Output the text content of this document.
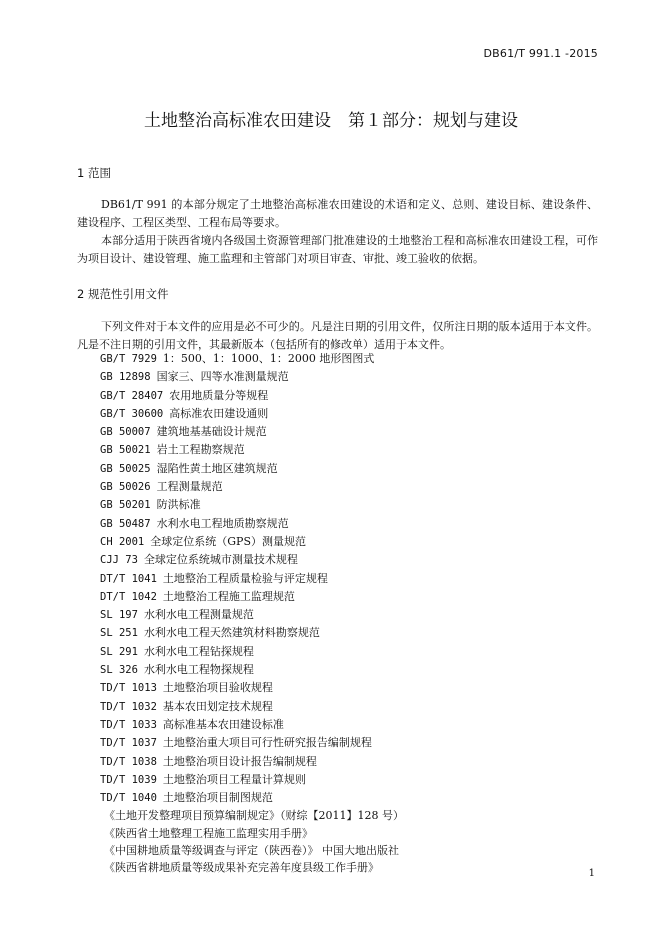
DB61/T 991.1 -2015
土地整治高标准农田建设　第１部分：规划与建设
1 范围
DB61/T 991 的本部分规定了土地整治高标准农田建设的术语和定义、总则、建设目标、建设条件、建设程序、工程区类型、工程布局等要求。
本部分适用于陕西省境内各级国土资源管理部门批准建设的土地整治工程和高标准农田建设工程，可作为项目设计、建设管理、施工监理和主管部门对项目审查、审批、竣工验收的依据。
2 规范性引用文件
下列文件对于本文件的应用是必不可少的。凡是注日期的引用文件，仅所注日期的版本适用于本文件。凡是不注日期的引用文件，其最新版本（包括所有的修改单）适用于本文件。
GB/T 7929 1：500、1：1000、1：2000 地形图图式
GB 12898 国家三、四等水准测量规范
GB/T 28407 农用地质量分等规程
GB/T 30600 高标准农田建设通则
GB 50007 建筑地基基础设计规范
GB 50021 岩土工程勘察规范
GB 50025 湿陷性黄土地区建筑规范
GB 50026 工程测量规范
GB 50201 防洪标准
GB 50487 水利水电工程地质勘察规范
CH 2001 全球定位系统（GPS）测量规范
CJJ 73 全球定位系统城市测量技术规程
DT/T 1041 土地整治工程质量检验与评定规程
DT/T 1042 土地整治工程施工监理规范
SL 197 水利水电工程测量规范
SL 251 水利水电工程天然建筑材料勘察规范
SL 291 水利水电工程钻探规程
SL 326 水利水电工程物探规程
TD/T 1013 土地整治项目验收规程
TD/T 1032 基本农田划定技术规程
TD/T 1033 高标准基本农田建设标准
TD/T 1037 土地整治重大项目可行性研究报告编制规程
TD/T 1038 土地整治项目设计报告编制规程
TD/T 1039 土地整治项目工程量计算规则
TD/T 1040 土地整治项目制图规范
《土地开发整理项目预算编制规定》（财综【2011】128 号）
《陕西省土地整理工程施工监理实用手册》
《中国耕地质量等级调查与评定（陕西卷）》 中国大地出版社
《陕西省耕地质量等级成果补充完善年度县级工作手册》	1
